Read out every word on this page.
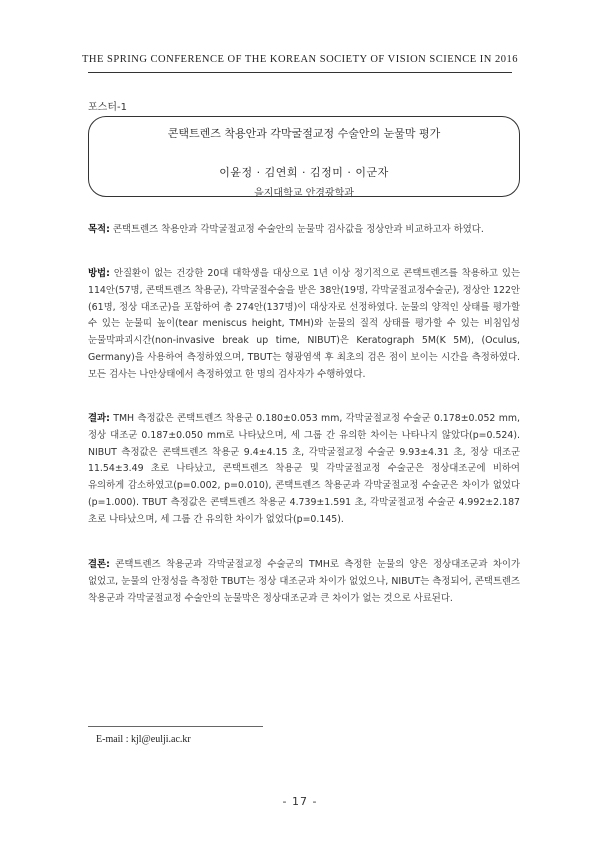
THE SPRING CONFERENCE OF THE KOREAN SOCIETY OF VISION SCIENCE IN 2016
포스터-1
콘택트렌즈 착용안과 각막굴절교정 수술안의 눈물막 평가
이윤정 · 김연희 · 김정미 · 이군자
을지대학교 안경광학과
목적: 콘택트렌즈 착용안과 각막굴절교정 수술안의 눈물막 검사값을 정상안과 비교하고자 하였다.
방법: 안질환이 없는 건강한 20대 대학생을 대상으로 1년 이상 정기적으로 콘택트렌즈를 착용하고 있는 114안(57명, 콘택트렌즈 착용군), 각막굴절수술을 받은 38안(19명, 각막굴절교정수술군), 정상안 122안(61명, 정상 대조군)을 포함하여 총 274안(137명)이 대상자로 선정하였다. 눈물의 양적인 상태를 평가할 수 있는 눈물띠 높이(tear meniscus height, TMH)와 눈물의 질적 상태를 평가할 수 있는 비침입성 눈물막파괴시간(non-invasive break up time, NIBUT)은 Keratograph 5M(K 5M), (Oculus, Germany)을 사용하여 측정하였으며, TBUT는 형광염색 후 최초의 검은 점이 보이는 시간을 측정하였다. 모든 검사는 나안상태에서 측정하였고 한 명의 검사자가 수행하였다.
결과: TMH 측정값은 콘택트렌즈 착용군 0.180±0.053 mm, 각막굴절교정 수술군 0.178±0.052 mm, 정상 대조군 0.187±0.050 mm로 나타났으며, 세 그룹 간 유의한 차이는 나타나지 않았다(p=0.524). NIBUT 측정값은 콘택트렌즈 착용군 9.4±4.15 초, 각막굴절교정 수술군 9.93±4.31 초, 정상 대조군 11.54±3.49 초로 나타났고, 콘택트렌즈 착용군 및 각막굴절교정 수술군은 정상대조군에 비하여 유의하게 감소하였고(p=0.002, p=0.010), 콘택트렌즈 착용군과 각막굴절교정 수술군은 차이가 없었다(p=1.000). TBUT 측정값은 콘택트렌즈 착용군 4.739±1.591 초, 각막굴절교정 수술군 4.992±2.187 초로 나타났으며, 세 그룹 간 유의한 차이가 없었다(p=0.145).
결론: 콘택트렌즈 착용군과 각막굴절교정 수술군의 TMH로 측정한 눈물의 양은 정상대조군과 차이가 없었고, 눈물의 안정성을 측정한 TBUT는 정상 대조군과 차이가 없었으나, NIBUT는 측정되어, 콘택트렌즈 착용군과 각막굴절교정 수술안의 눈물막은 정상대조군과 큰 차이가 없는 것으로 사료된다.
E-mail : kjl@eulji.ac.kr
- 17 -
